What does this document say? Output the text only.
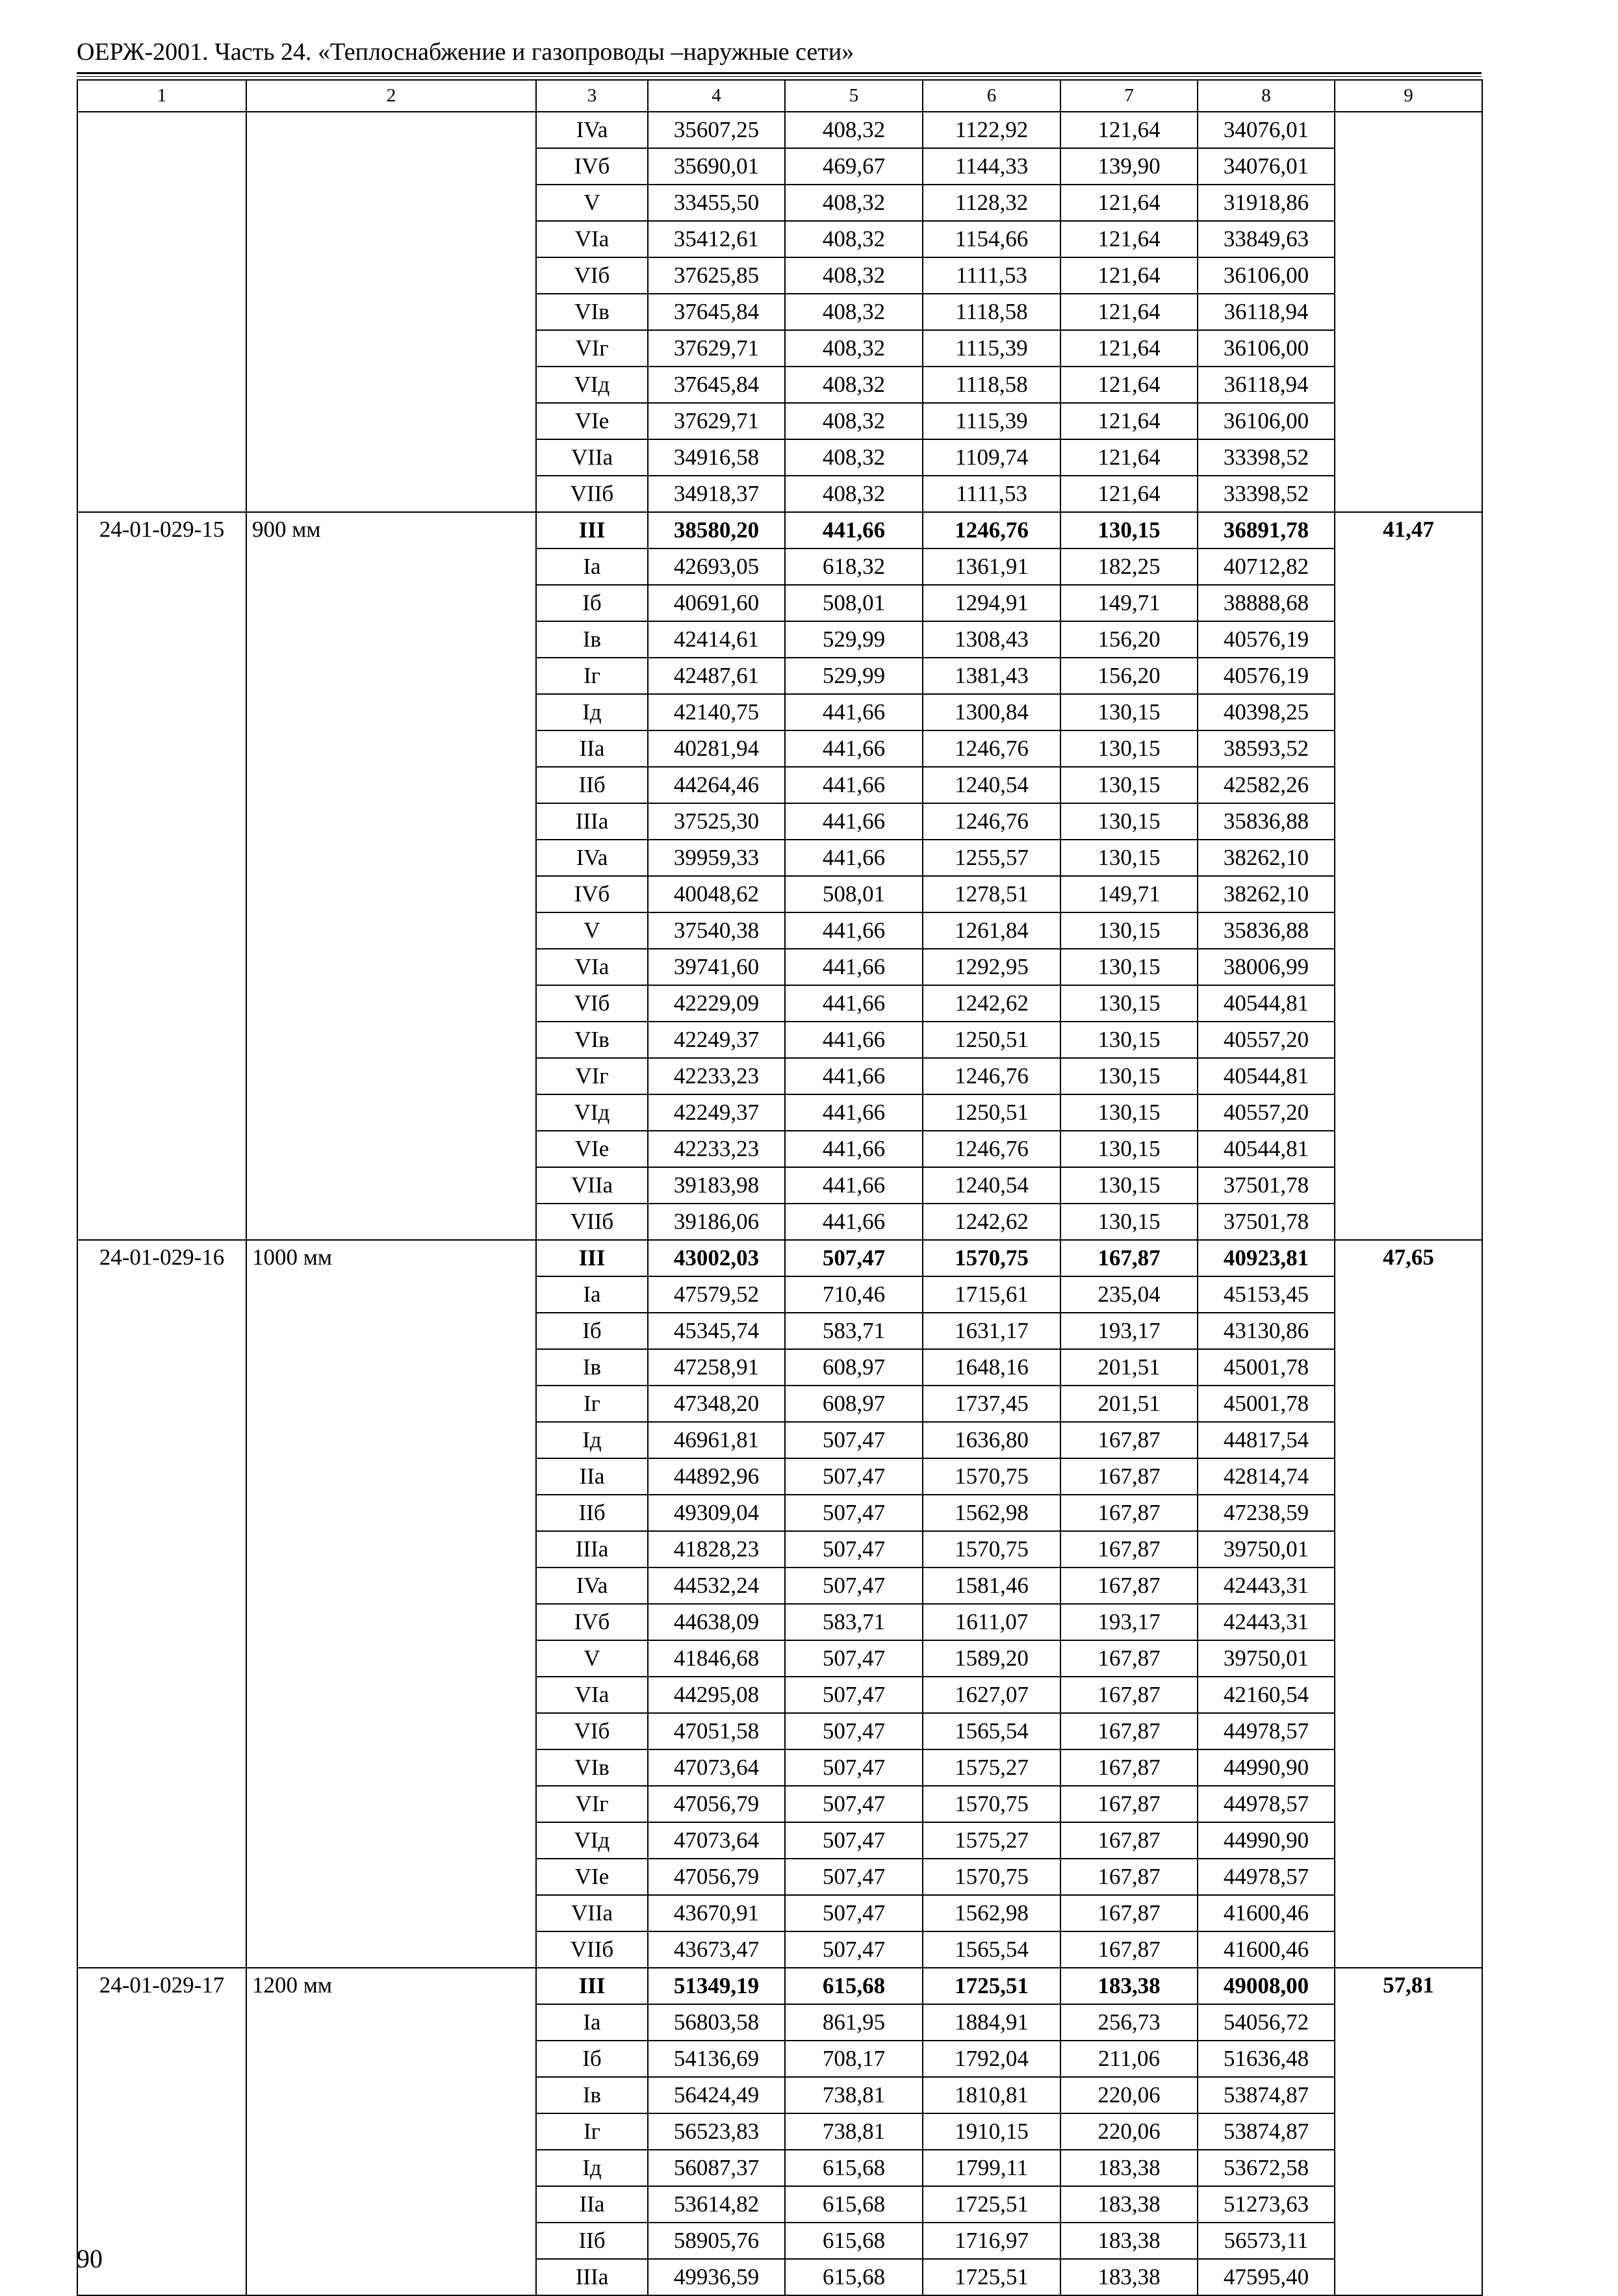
ОЕРЖ-2001. Часть 24. «Теплоснабжение и газопроводы –наружные сети»
1	2	3	4	5	6	7	8	9
		IVa	35607,25	408,32	1122,92	121,64	34076,01	
		IVб	35690,01	469,67	1144,33	139,90	34076,01	
		V	33455,50	408,32	1128,32	121,64	31918,86	
		VIa	35412,61	408,32	1154,66	121,64	33849,63	
		VIб	37625,85	408,32	1111,53	121,64	36106,00	
		VIв	37645,84	408,32	1118,58	121,64	36118,94	
		VIг	37629,71	408,32	1115,39	121,64	36106,00	
		VIд	37645,84	408,32	1118,58	121,64	36118,94	
		VIе	37629,71	408,32	1115,39	121,64	36106,00	
		VIIa	34916,58	408,32	1109,74	121,64	33398,52	
		VIIб	34918,37	408,32	1111,53	121,64	33398,52	
24-01-029-15	900 мм	III	38580,20	441,66	1246,76	130,15	36891,78	41,47
		Ia	42693,05	618,32	1361,91	182,25	40712,82	
		Iб	40691,60	508,01	1294,91	149,71	38888,68	
		Iв	42414,61	529,99	1308,43	156,20	40576,19	
		Iг	42487,61	529,99	1381,43	156,20	40576,19	
		Iд	42140,75	441,66	1300,84	130,15	40398,25	
		IIa	40281,94	441,66	1246,76	130,15	38593,52	
		IIб	44264,46	441,66	1240,54	130,15	42582,26	
		IIIa	37525,30	441,66	1246,76	130,15	35836,88	
		IVa	39959,33	441,66	1255,57	130,15	38262,10	
		IVб	40048,62	508,01	1278,51	149,71	38262,10	
		V	37540,38	441,66	1261,84	130,15	35836,88	
		VIa	39741,60	441,66	1292,95	130,15	38006,99	
		VIб	42229,09	441,66	1242,62	130,15	40544,81	
		VIв	42249,37	441,66	1250,51	130,15	40557,20	
		VIг	42233,23	441,66	1246,76	130,15	40544,81	
		VIд	42249,37	441,66	1250,51	130,15	40557,20	
		VIе	42233,23	441,66	1246,76	130,15	40544,81	
		VIIa	39183,98	441,66	1240,54	130,15	37501,78	
		VIIб	39186,06	441,66	1242,62	130,15	37501,78	
24-01-029-16	1000 мм	III	43002,03	507,47	1570,75	167,87	40923,81	47,65
		Ia	47579,52	710,46	1715,61	235,04	45153,45	
		Iб	45345,74	583,71	1631,17	193,17	43130,86	
		Iв	47258,91	608,97	1648,16	201,51	45001,78	
		Iг	47348,20	608,97	1737,45	201,51	45001,78	
		Iд	46961,81	507,47	1636,80	167,87	44817,54	
		IIa	44892,96	507,47	1570,75	167,87	42814,74	
		IIб	49309,04	507,47	1562,98	167,87	47238,59	
		IIIa	41828,23	507,47	1570,75	167,87	39750,01	
		IVa	44532,24	507,47	1581,46	167,87	42443,31	
		IVб	44638,09	583,71	1611,07	193,17	42443,31	
		V	41846,68	507,47	1589,20	167,87	39750,01	
		VIa	44295,08	507,47	1627,07	167,87	42160,54	
		VIб	47051,58	507,47	1565,54	167,87	44978,57	
		VIв	47073,64	507,47	1575,27	167,87	44990,90	
		VIг	47056,79	507,47	1570,75	167,87	44978,57	
		VIд	47073,64	507,47	1575,27	167,87	44990,90	
		VIе	47056,79	507,47	1570,75	167,87	44978,57	
		VIIa	43670,91	507,47	1562,98	167,87	41600,46	
		VIIб	43673,47	507,47	1565,54	167,87	41600,46	
24-01-029-17	1200 мм	III	51349,19	615,68	1725,51	183,38	49008,00	57,81
		Ia	56803,58	861,95	1884,91	256,73	54056,72	
		Iб	54136,69	708,17	1792,04	211,06	51636,48	
		Iв	56424,49	738,81	1810,81	220,06	53874,87	
		Iг	56523,83	738,81	1910,15	220,06	53874,87	
		Iд	56087,37	615,68	1799,11	183,38	53672,58	
		IIa	53614,82	615,68	1725,51	183,38	51273,63	
		IIб	58905,76	615,68	1716,97	183,38	56573,11	
		IIIa	49936,59	615,68	1725,51	183,38	47595,40	
90
